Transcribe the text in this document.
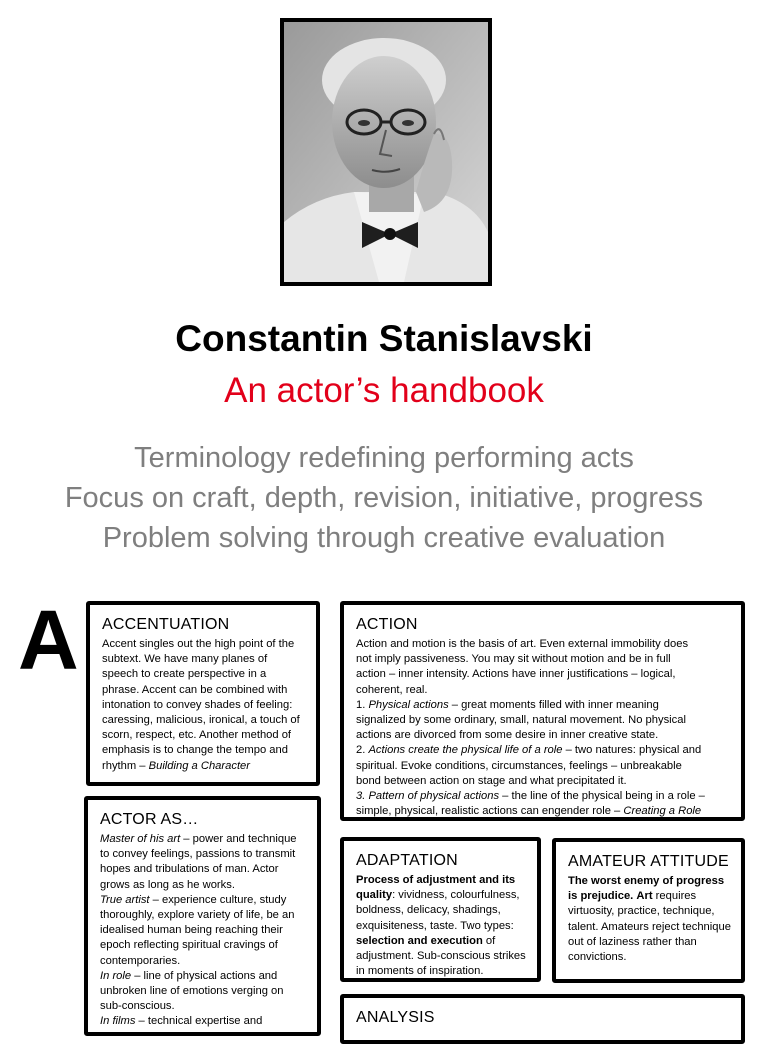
Constantin Stanislavski
An actor’s handbook
Terminology redefining performing acts
Focus on craft, depth, revision, initiative, progress
Problem solving through creative evaluation
A ACCENTUATION

Accent singles out the high point of the
subtext. We have many planes of
speech to create perspective in a
phrase. Accent can be combined with
intonation to convey shades of feeling:
caressing, malicious, ironical, a touch of
scorn, respect, etc. Another method of
emphasis is to change the tempo and
rhythm – Building a Character

ACTION

Action and motion is the basis of art. Even external immobility does
not imply passiveness. You may sit without motion and be in full
action – inner intensity. Actions have inner justifications – logical,
coherent, real.
1. Physical actions – great moments filled with inner meaning
signalized by some ordinary, small, natural movement. No physical
actions are divorced from some desire in inner creative state.
2. Actions create the physical life of a role – two natures: physical and
spiritual. Evoke conditions, circumstances, feelings – unbreakable
bond between action on stage and what precipitated it.
3. Pattern of physical actions – the line of the physical being in a role –
simple, physical, realistic actions can engender role – Creating a Role

ACTOR AS…

Master of his art – power and technique
to convey feelings, passions to transmit
hopes and tribulations of man. Actor
grows as long as he works.
True artist – experience culture, study
thoroughly, explore variety of life, be an
idealised human being reaching their
epoch reflecting spiritual cravings of
contemporaries.
In role – line of physical actions and
unbroken line of emotions verging on
sub-conscious.
In films – technical expertise and

ADAPTATION

Process of adjustment and its quality: vividness, colourfulness, boldness, delicacy, shadings, exquisiteness, taste. Two types: selection and execution of adjustment. Sub-conscious strikes in moments of inspiration.

AMATEUR ATTITUDE

The worst enemy of progress is prejudice. Art requires virtuosity, practice, technique, talent. Amateurs reject technique out of laziness rather than convictions.

ANALYSIS
